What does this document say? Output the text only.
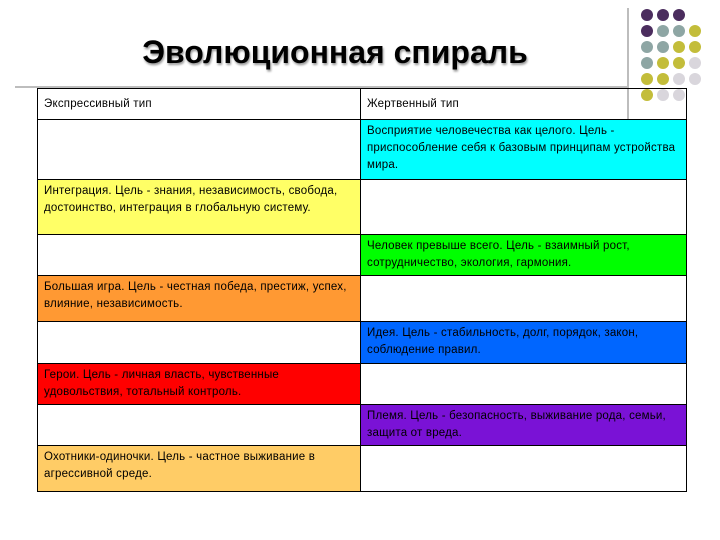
Эволюционная спираль
Экспрессивный тип	Жертвенный тип
	Восприятие человечества как целого. Цель - приспособление себя к базовым принципам устройства мира.
Интеграция. Цель - знания, независимость, свобода, достоинство, интеграция в глобальную систему.	
	Человек превыше всего. Цель - взаимный рост, сотрудничество, экология, гармония.
Большая игра. Цель - честная победа, престиж, успех, влияние, независимость.	
	Идея. Цель - стабильность, долг, порядок, закон, соблюдение правил.
Герои. Цель - личная власть, чувственные удовольствия, тотальный контроль.	
	Племя. Цель - безопасность, выживание рода, семьи, защита от вреда.
Охотники-одиночки. Цель - частное выживание в агрессивной среде.	
